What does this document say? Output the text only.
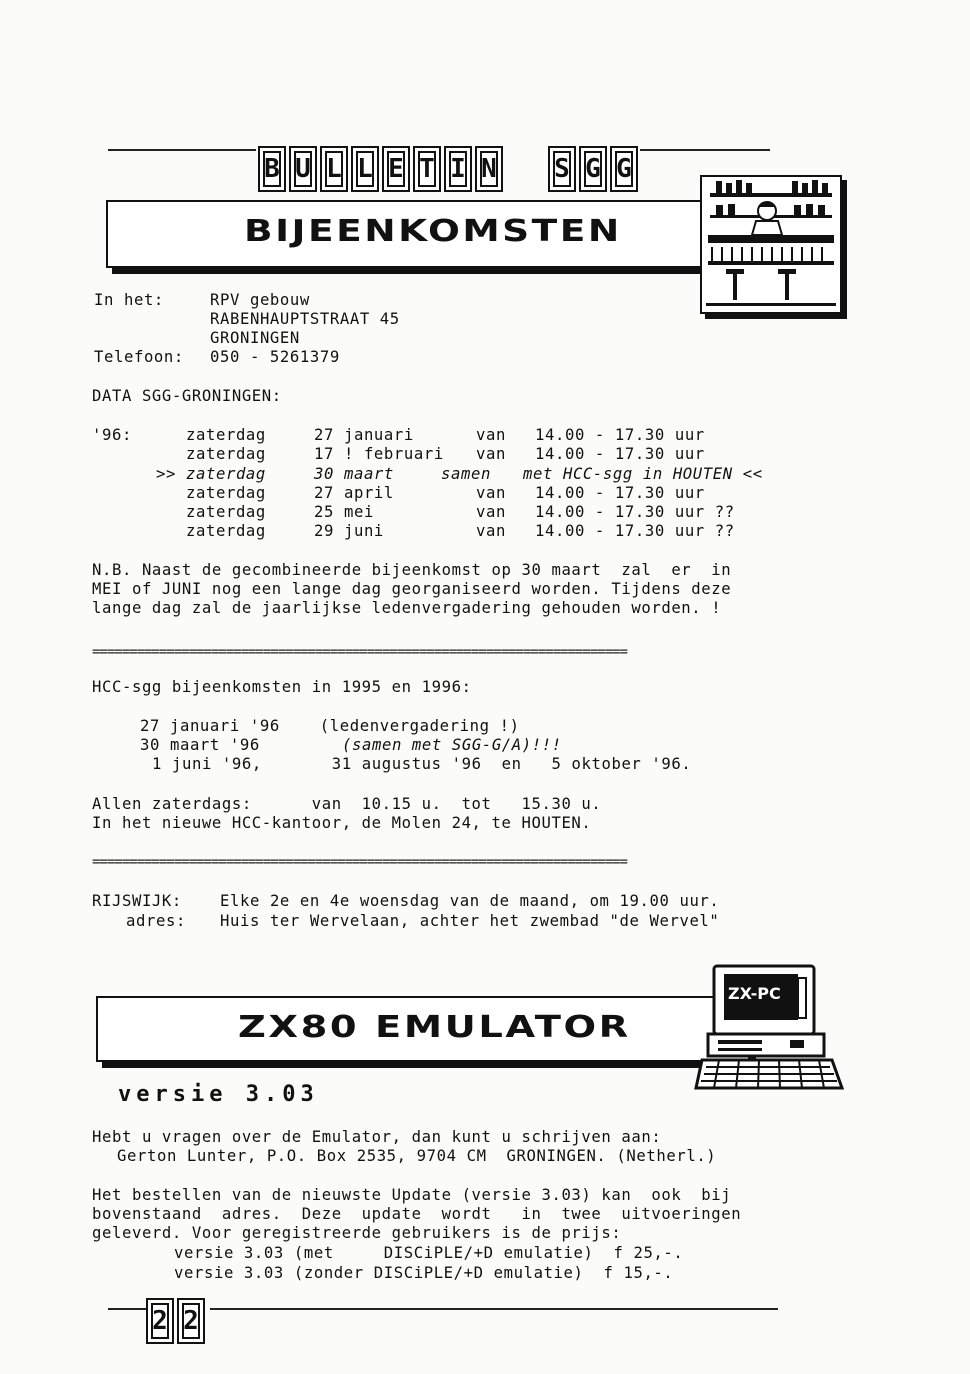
B U L L E T I N S G G
BIJEENKOMSTEN
In het:	RPV gebouw
RABENHAUPTSTRAAT 45
GRONINGEN
Telefoon: 050 - 5261379
DATA SGG-GRONINGEN:
'96:	zaterdag	27 januari	van 14.00 - 17.30 uur
zaterdag	17 ! februari van 14.00 - 17.30 uur
>> zaterdag	30 maart	samen met HCC-sgg in HOUTEN <<
zaterdag	27 april	van 14.00 - 17.30 uur
zaterdag	25 mei	van 14.00 - 17.30 uur ??
zaterdag	29 juni	van 14.00 - 17.30 uur ??
N.B. Naast de gecombineerde bijeenkomst op 30 maart  zal  er  in
MEI of JUNI nog een lange dag georganiseerd worden. Tijdens deze
lange dag zal de jaarlijkse ledenvergadering gehouden worden. !
========================================================================
HCC-sgg bijeenkomsten in 1995 en 1996:
27 januari '96    (ledenvergadering !)
30 maart '96	(samen met SGG-G/A)!!!
1 juni '96,       31 augustus '96  en   5 oktober '96.
Allen zaterdags:      van  10.15 u.  tot   15.30 u.
In het nieuwe HCC-kantoor, de Molen 24, te HOUTEN.
========================================================================
RIJSWIJK: Elke 2e en 4e woensdag van de maand, om 19.00 uur.
adres: Huis ter Wervelaan, achter het zwembad "de Wervel"
ZX80 EMULATOR
ZX-PC
versie 3.03
Hebt u vragen over de Emulator, dan kunt u schrijven aan:
Gerton Lunter, P.O. Box 2535, 9704 CM  GRONINGEN. (Netherl.)
Het bestellen van de nieuwste Update (versie 3.03) kan  ook  bij
bovenstaand  adres.  Deze  update  wordt   in  twee  uitvoeringen
geleverd. Voor geregistreerde gebruikers is de prijs:
versie 3.03 (met     DISCiPLE/+D emulatie)  f 25,-.
versie 3.03 (zonder DISCiPLE/+D emulatie)  f 15,-.
2 2
